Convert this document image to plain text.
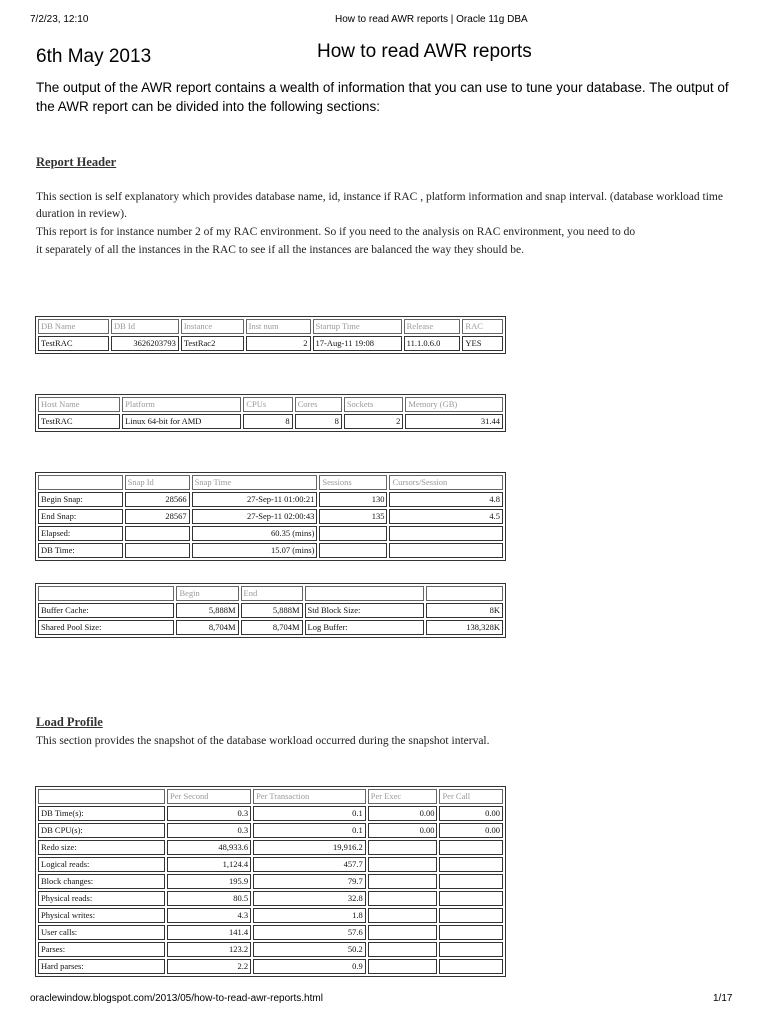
7/2/23, 12:10	How to read AWR reports | Oracle 11g DBA
6th May 2013	How to read AWR reports
The output of the AWR report contains a wealth of information that you can use to tune your database. The output of the AWR report can be divided into the following sections:
Report Header
This section is self explanatory which provides database name, id, instance if RAC , platform information and snap interval. (database workload time duration in review).
This report is for instance number 2 of my RAC environment. So if you need to the analysis on RAC environment, you need to do
it separately of all the instances in the RAC to see if all the instances are balanced the way they should be.
DB Name	DB Id	Instance	Inst num	Startup Time	Release	RAC
TestRAC	3626203793	TestRac2	2	17-Aug-11 19:08	11.1.0.6.0	YES
Host Name	Platform	CPUs	Cores	Sockets	Memory (GB)
TestRAC	Linux 64-bit for AMD	8	8	2	31.44
	Snap Id	Snap Time	Sessions	Cursors/Session
Begin Snap:	28566	27-Sep-11 01:00:21	130	4.8
End Snap:	28567	27-Sep-11 02:00:43	135	4.5
Elapsed:		60.35 (mins)		
DB Time:		15.07 (mins)		
	Begin	End		
Buffer Cache:	5,888M	5,888M	Std Block Size:	8K
Shared Pool Size:	8,704M	8,704M	Log Buffer:	138,328K
Load Profile
This section provides the snapshot of the database workload occurred during the snapshot interval.
	Per Second	Per Transaction	Per Exec	Per Call
DB Time(s):	0.3	0.1	0.00	0.00
DB CPU(s):	0.3	0.1	0.00	0.00
Redo size:	48,933.6	19,916.2		
Logical reads:	1,124.4	457.7		
Block changes:	195.9	79.7		
Physical reads:	80.5	32.8		
Physical writes:	4.3	1.8		
User calls:	141.4	57.6		
Parses:	123.2	50.2		
Hard parses:	2.2	0.9		
oraclewindow.blogspot.com/2013/05/how-to-read-awr-reports.html	1/17
